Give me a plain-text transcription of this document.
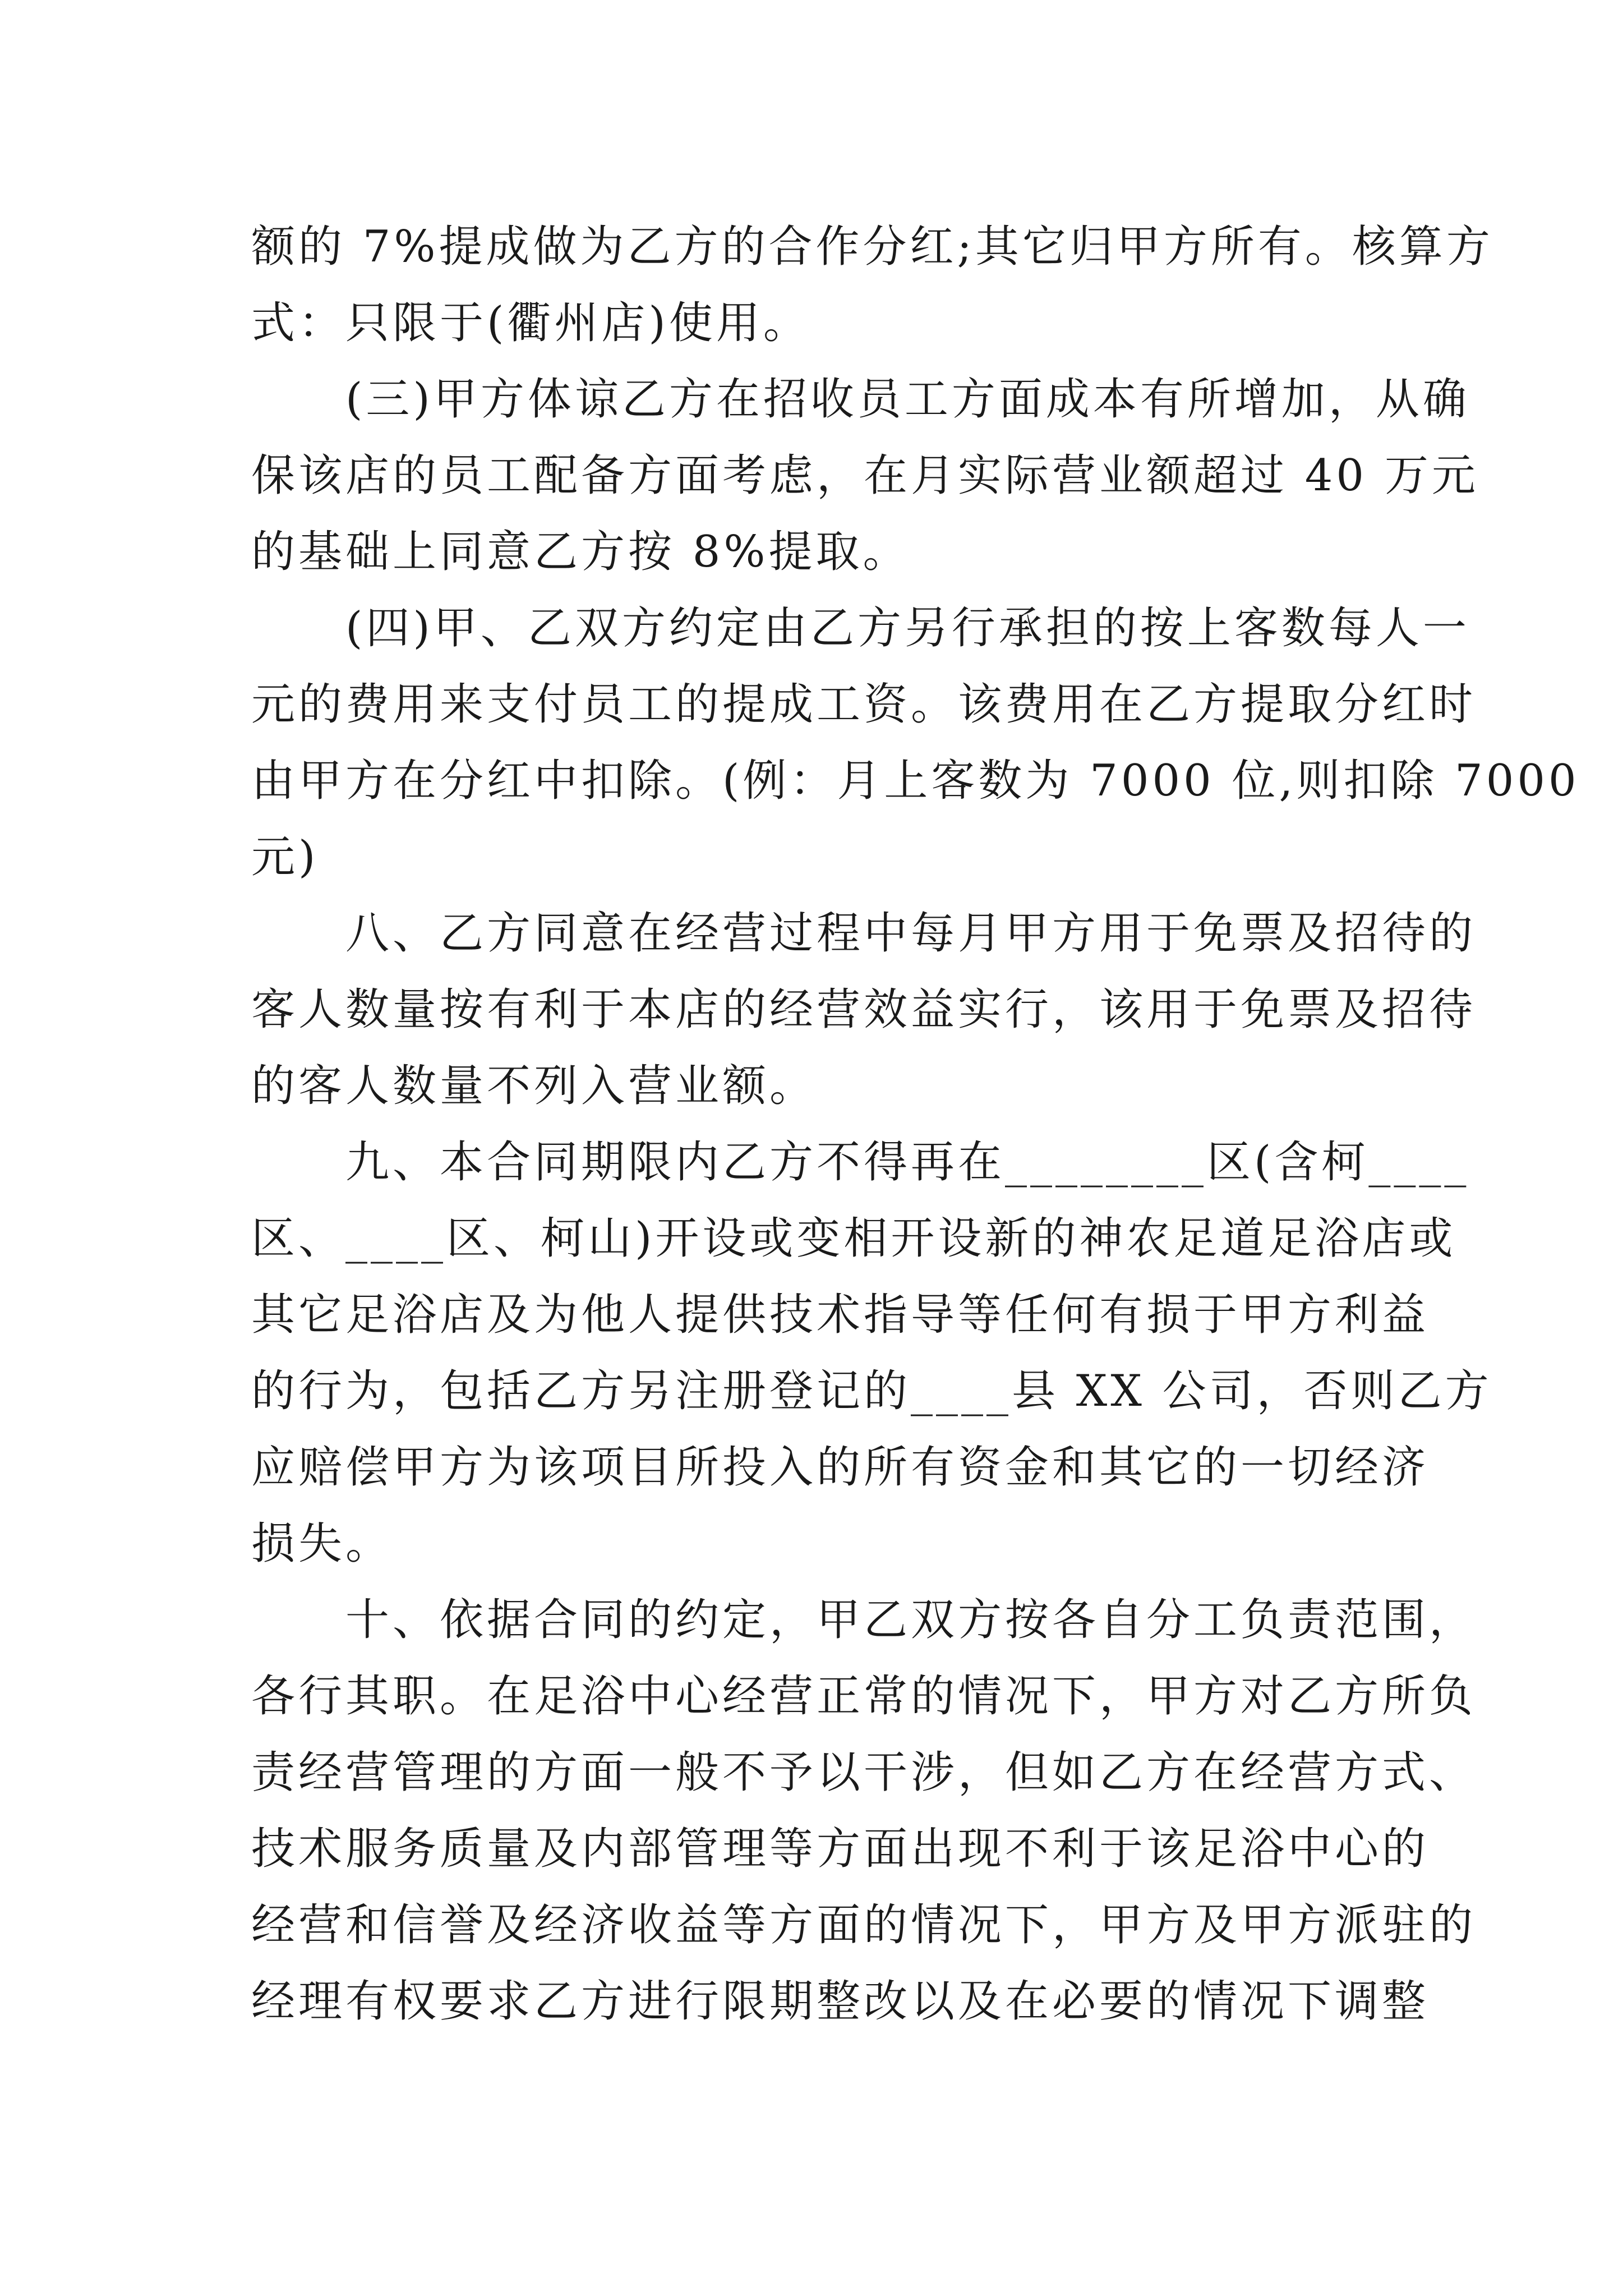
额的 7%提成做为乙方的合作分红;其它归甲方所有。核算方
式：只限于(衢州店)使用。
(三)甲方体谅乙方在招收员工方面成本有所增加，从确
保该店的员工配备方面考虑，在月实际营业额超过 40 万元
的基础上同意乙方按 8%提取。
(四)甲、乙双方约定由乙方另行承担的按上客数每人一
元的费用来支付员工的提成工资。该费用在乙方提取分红时
由甲方在分红中扣除。(例：月上客数为 7000 位,则扣除 7000
元)
八、乙方同意在经营过程中每月甲方用于免票及招待的
客人数量按有利于本店的经营效益实行，该用于免票及招待
的客人数量不列入营业额。
九、本合同期限内乙方不得再在________区(含柯____
区、____区、柯山)开设或变相开设新的神农足道足浴店或
其它足浴店及为他人提供技术指导等任何有损于甲方利益
的行为，包括乙方另注册登记的____县 XX 公司，否则乙方
应赔偿甲方为该项目所投入的所有资金和其它的一切经济
损失。
十、依据合同的约定，甲乙双方按各自分工负责范围，
各行其职。在足浴中心经营正常的情况下，甲方对乙方所负
责经营管理的方面一般不予以干涉，但如乙方在经营方式、
技术服务质量及内部管理等方面出现不利于该足浴中心的
经营和信誉及经济收益等方面的情况下，甲方及甲方派驻的
经理有权要求乙方进行限期整改以及在必要的情况下调整
